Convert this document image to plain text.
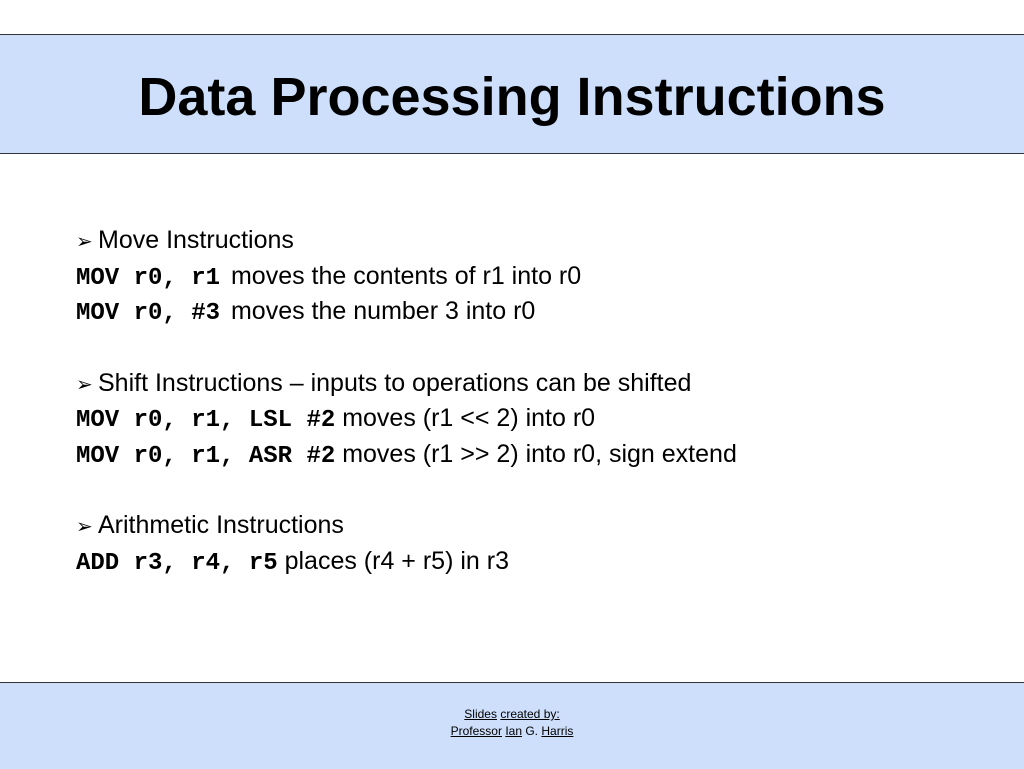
Data Processing Instructions
➢ Move Instructions
MOV r0, r1 moves the contents of r1 into r0
MOV r0, #3 moves the number 3 into r0
➢ Shift Instructions – inputs to operations can be shifted
MOV r0, r1, LSL #2 moves (r1 << 2) into r0
MOV r0, r1, ASR #2 moves (r1 >> 2) into r0, sign extend
➢ Arithmetic Instructions
ADD r3, r4, r5 places (r4 + r5) in r3
Slides created by:
Professor Ian G. Harris
